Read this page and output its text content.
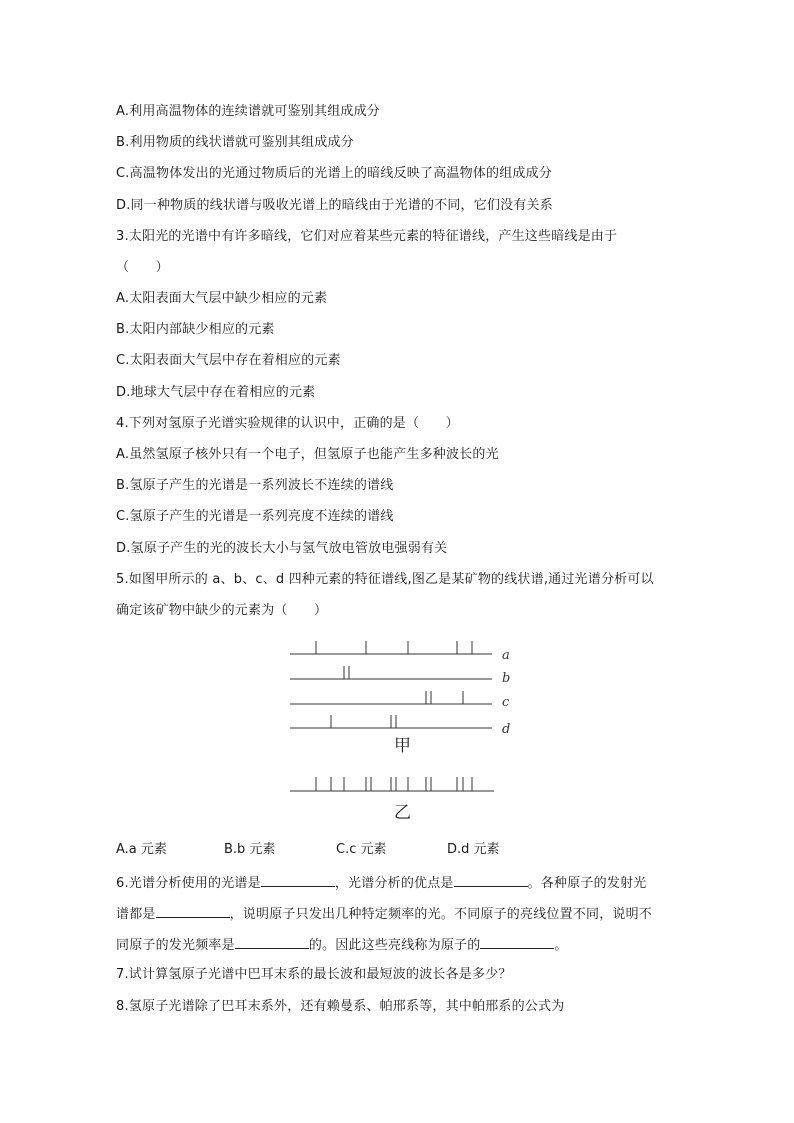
A.利用高温物体的连续谱就可鉴别其组成成分
B.利用物质的线状谱就可鉴别其组成成分
C.高温物体发出的光通过物质后的光谱上的暗线反映了高温物体的组成成分
D.同一种物质的线状谱与吸收光谱上的暗线由于光谱的不同，它们没有关系
3.太阳光的光谱中有许多暗线，它们对应着某些元素的特征谱线，产生这些暗线是由于
（　　）
A.太阳表面大气层中缺少相应的元素
B.太阳内部缺少相应的元素
C.太阳表面大气层中存在着相应的元素
D.地球大气层中存在着相应的元素
4.下列对氢原子光谱实验规律的认识中，正确的是（　　）
A.虽然氢原子核外只有一个电子，但氢原子也能产生多种波长的光
B.氢原子产生的光谱是一系列波长不连续的谱线
C.氢原子产生的光谱是一系列亮度不连续的谱线
D.氢原子产生的光的波长大小与氢气放电管放电强弱有关
5.如图甲所示的 a、b、c、d 四种元素的特征谱线,图乙是某矿物的线状谱,通过光谱分析可以
确定该矿物中缺少的元素为（　　）
a
b
c
d
甲
乙
A.a 元素	B.b 元素	C.c 元素	D.d 元素
6.光谱分析使用的光谱是	，光谱分析的优点是	。各种原子的发射光
谱都是	，说明原子只发出几种特定频率的光。不同原子的亮线位置不同，说明不
同原子的发光频率是	的。因此这些亮线称为原子的	。
7.试计算氢原子光谱中巴耳末系的最长波和最短波的波长各是多少？
8.氢原子光谱除了巴耳末系外，还有赖曼系、帕邢系等，其中帕邢系的公式为
